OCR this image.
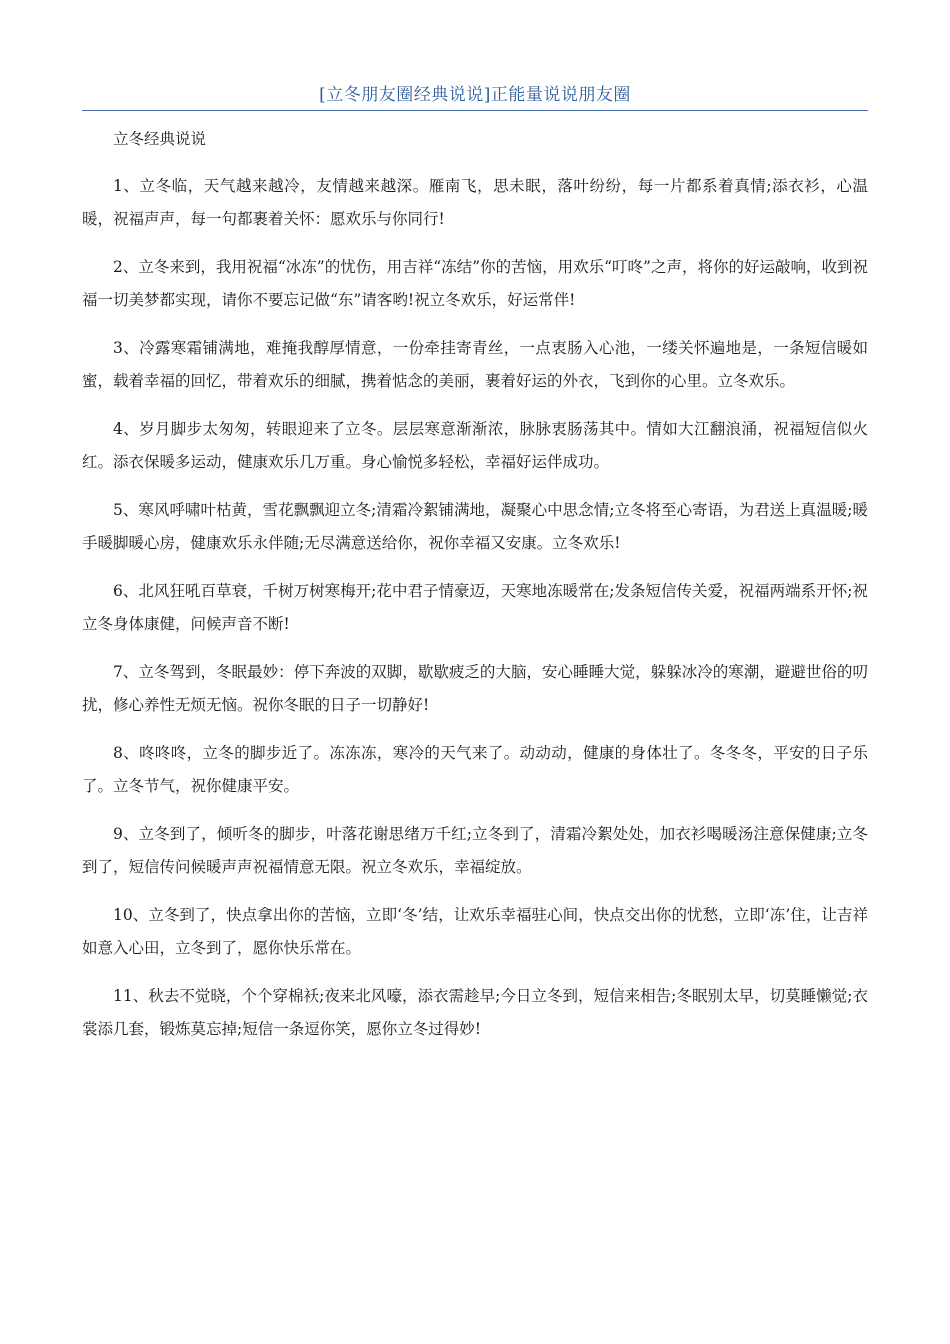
[立冬朋友圈经典说说]正能量说说朋友圈

立冬经典说说

1、立冬临，天气越来越冷，友情越来越深。雁南飞，思未眠，落叶纷纷，每一片都系着真情;添衣衫，心温暖，祝福声声，每一句都裹着关怀：愿欢乐与你同行!

2、立冬来到，我用祝福“冰冻”的忧伤，用吉祥“冻结”你的苦恼，用欢乐“叮咚”之声，将你的好运敲响，收到祝福一切美梦都实现，请你不要忘记做“东”请客哟!祝立冬欢乐，好运常伴!

3、冷露寒霜铺满地，难掩我醇厚情意，一份牵挂寄青丝，一点衷肠入心池，一缕关怀遍地是，一条短信暖如蜜，载着幸福的回忆，带着欢乐的细腻，携着惦念的美丽，裹着好运的外衣，飞到你的心里。立冬欢乐。

4、岁月脚步太匆匆，转眼迎来了立冬。层层寒意渐渐浓，脉脉衷肠荡其中。情如大江翻浪涌，祝福短信似火红。添衣保暖多运动，健康欢乐几万重。身心愉悦多轻松，幸福好运伴成功。

5、寒风呼啸叶枯黄，雪花飘飘迎立冬;清霜冷絮铺满地，凝聚心中思念情;立冬将至心寄语，为君送上真温暖;暖手暖脚暖心房，健康欢乐永伴随;无尽满意送给你，祝你幸福又安康。立冬欢乐!

6、北风狂吼百草衰，千树万树寒梅开;花中君子情豪迈，天寒地冻暖常在;发条短信传关爱，祝福两端系开怀;祝立冬身体康健，问候声音不断!

7、立冬驾到，冬眠最妙：停下奔波的双脚，歇歇疲乏的大脑，安心睡睡大觉，躲躲冰冷的寒潮，避避世俗的叨扰，修心养性无烦无恼。祝你冬眠的日子一切静好!

8、咚咚咚，立冬的脚步近了。冻冻冻，寒冷的天气来了。动动动，健康的身体壮了。冬冬冬，平安的日子乐了。立冬节气，祝你健康平安。

9、立冬到了，倾听冬的脚步，叶落花谢思绪万千红;立冬到了，清霜冷絮处处，加衣衫喝暖汤注意保健康;立冬到了，短信传问候暖声声祝福情意无限。祝立冬欢乐，幸福绽放。

10、立冬到了，快点拿出你的苦恼，立即‘冬’结，让欢乐幸福驻心间，快点交出你的忧愁，立即‘冻’住，让吉祥如意入心田，立冬到了，愿你快乐常在。

11、秋去不觉晓，个个穿棉袄;夜来北风嚎，添衣需趁早;今日立冬到，短信来相告;冬眠别太早，切莫睡懒觉;衣裳添几套，锻炼莫忘掉;短信一条逗你笑，愿你立冬过得妙!
